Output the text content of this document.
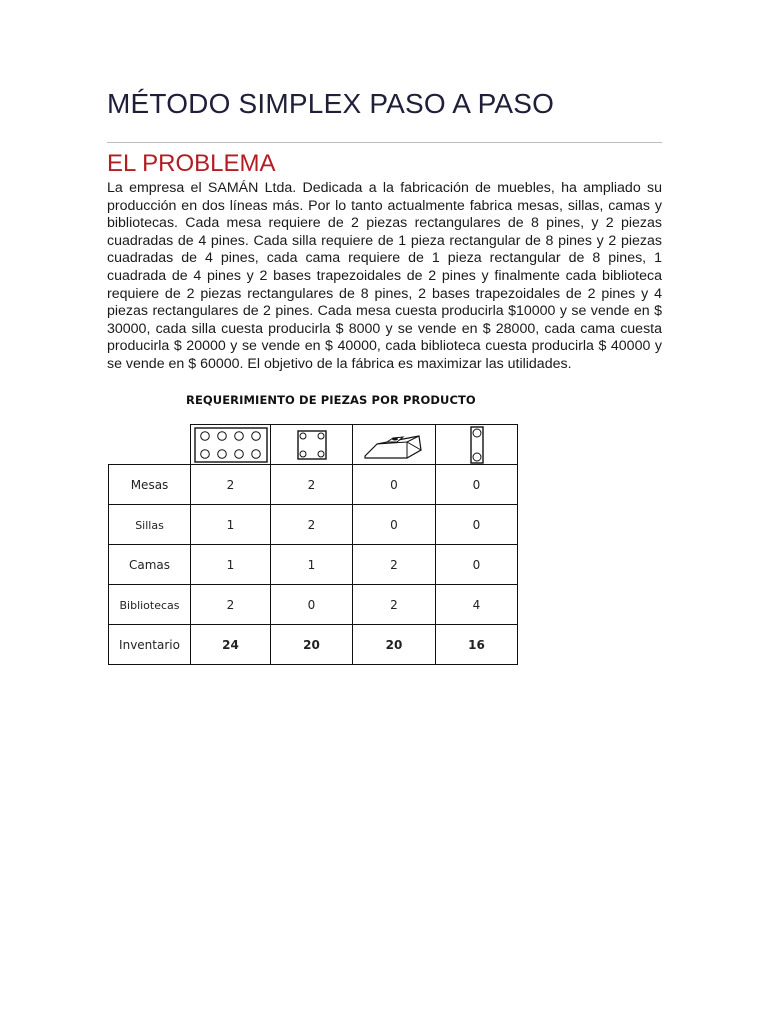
MÉTODO SIMPLEX PASO A PASO
EL PROBLEMA

La empresa el SAMÁN Ltda. Dedicada a la fabricación de muebles, ha ampliado su producción en dos líneas más. Por lo tanto actualmente fabrica mesas, sillas, camas y bibliotecas. Cada mesa requiere de 2 piezas rectangulares de 8 pines, y 2 piezas cuadradas de 4 pines. Cada silla requiere de 1 pieza rectangular de 8 pines y 2 piezas cuadradas de 4 pines, cada cama requiere de 1 pieza rectangular de 8 pines, 1 cuadrada de 4 pines y 2 bases trapezoidales de 2 pines y finalmente cada biblioteca requiere de 2 piezas rectangulares de 8 pines, 2 bases trapezoidales de 2 pines y 4 piezas rectangulares de 2 pines. Cada mesa cuesta producirla $10000 y se vende en $ 30000, cada silla cuesta producirla $ 8000 y se vende en $ 28000, cada cama cuesta producirla $ 20000 y se vende en $ 40000, cada biblioteca cuesta producirla $ 40000 y se vende en $ 60000. El objetivo de la fábrica es maximizar las utilidades.

REQUERIMIENTO DE PIEZAS POR PRODUCTO

Mesas	2	2	0	0
Sillas	1	2	0	0
Camas	1	1	2	0
Bibliotecas	2	0	2	4
Inventario	24	20	20	16
